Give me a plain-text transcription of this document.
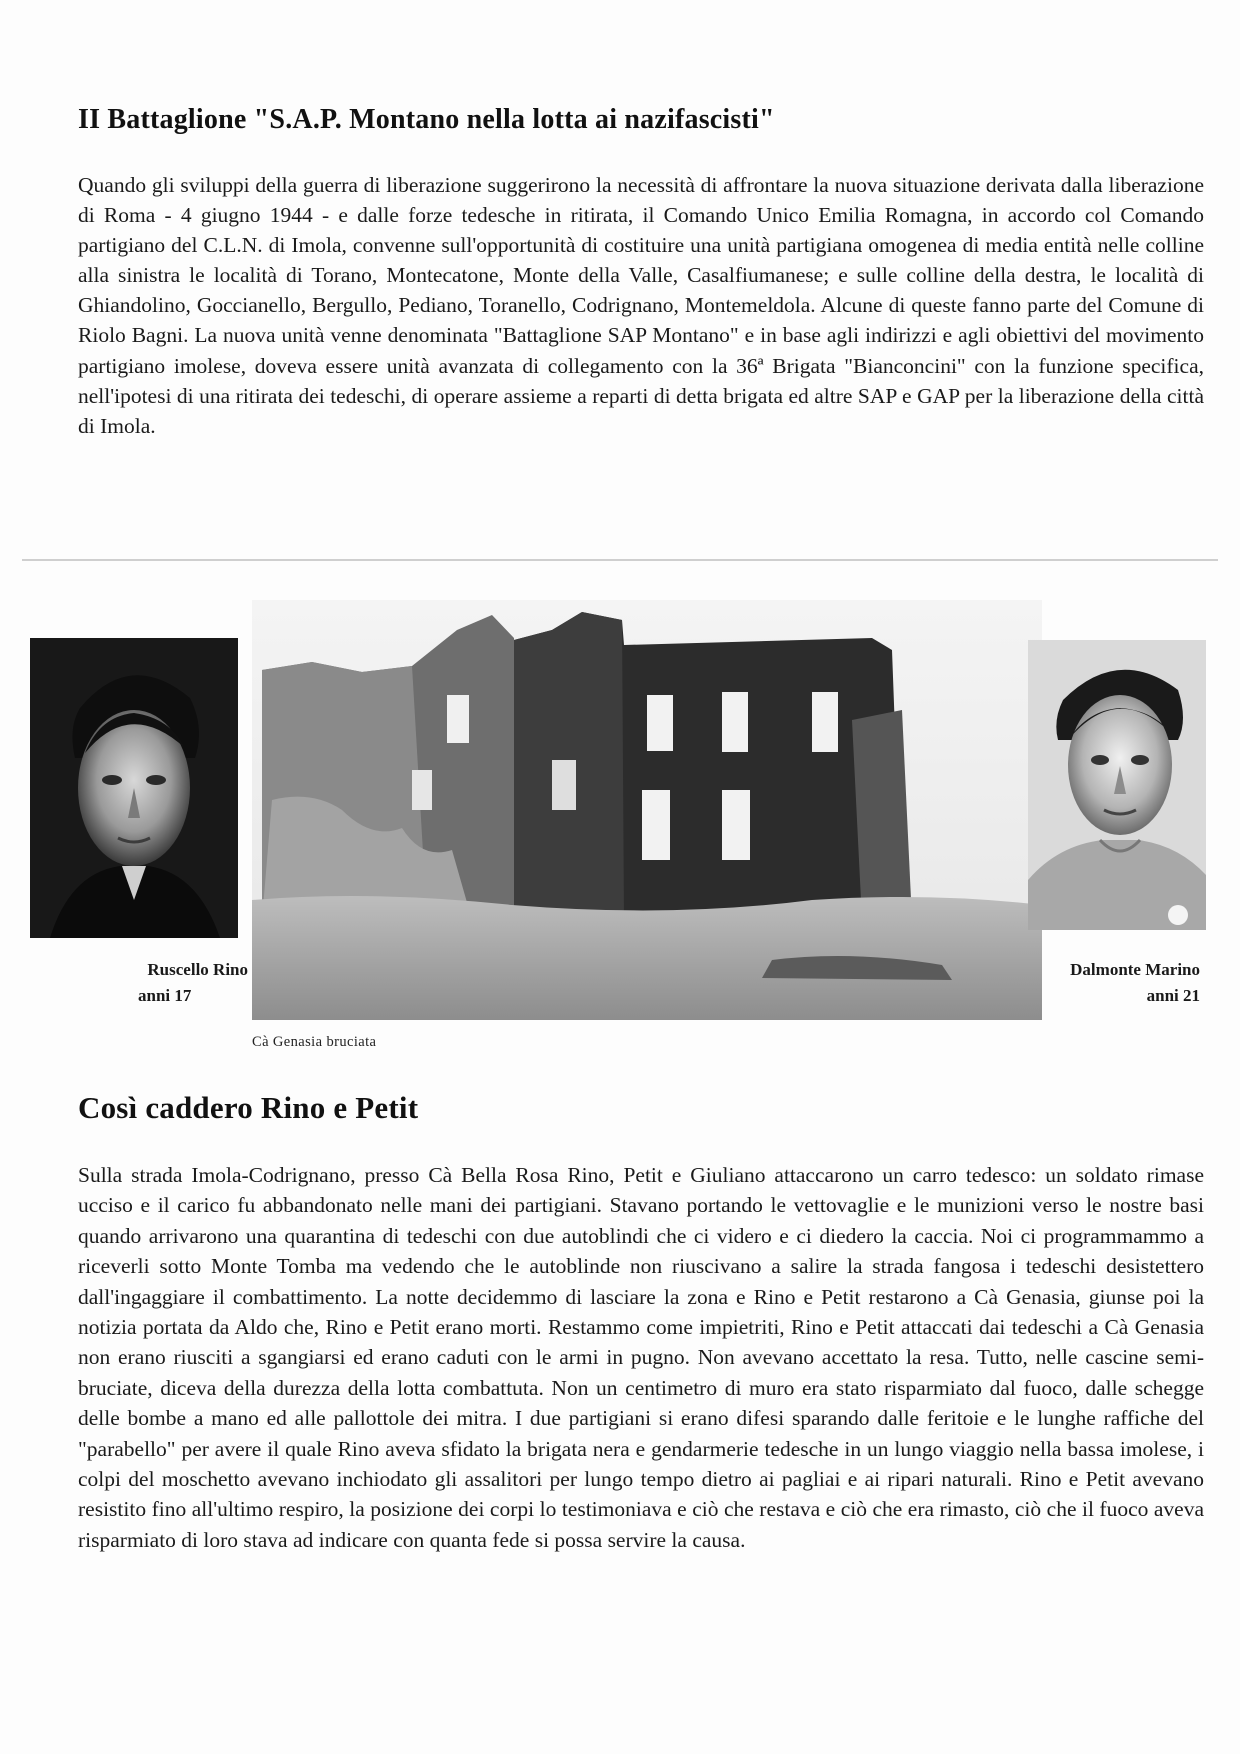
II Battaglione "S.A.P. Montano nella lotta ai nazifascisti"

Quando gli sviluppi della guerra di liberazione suggerirono la necessità di affrontare la nuova situazione derivata dalla liberazione di Roma - 4 giugno 1944 - e dalle forze tedesche in ritirata, il Comando Unico Emilia Romagna, in accordo col Comando partigiano del C.L.N. di Imola, convenne sull'opportunità di costituire una unità partigiana omogenea di media entità nelle colline alla sinistra le località di Torano, Montecatone, Monte della Valle, Casalfiumanese; e sulle colline della destra, le località di Ghiandolino, Goccianello, Bergullo, Pediano, Toranello, Codrignano, Montemeldola. Alcune di queste fanno parte del Comune di Riolo Bagni. La nuova unità venne denominata "Battaglione SAP Montano" e in base agli indirizzi e agli obiettivi del movimento partigiano imolese, doveva essere unità avanzata di collegamento con la 36ª Brigata "Bianconcini" con la funzione specifica, nell'ipotesi di una ritirata dei tedeschi, di operare assieme a reparti di detta brigata ed altre SAP e GAP per la liberazione della città di Imola.

Ruscello Rino
anni 17

Dalmonte Marino
anni 21

Cà Genasia bruciata

Così caddero Rino e Petit

Sulla strada Imola-Codrignano, presso Cà Bella Rosa Rino, Petit e Giuliano attaccarono un carro tedesco: un soldato rimase ucciso e il carico fu abbandonato nelle mani dei partigiani. Stavano portando le vettovaglie e le munizioni verso le nostre basi quando arrivarono una quarantina di tedeschi con due autoblindi che ci videro e ci diedero la caccia. Noi ci programmammo a riceverli sotto Monte Tomba ma vedendo che le autoblinde non riuscivano a salire la strada fangosa i tedeschi desistettero dall'ingaggiare il combattimento. La notte decidemmo di lasciare la zona e Rino e Petit restarono a Cà Genasia, giunse poi la notizia portata da Aldo che, Rino e Petit erano morti. Restammo come impietriti, Rino e Petit attaccati dai tedeschi a Cà Genasia non erano riusciti a sgangiarsi ed erano caduti con le armi in pugno. Non avevano accettato la resa. Tutto, nelle cascine semi-bruciate, diceva della durezza della lotta combattuta. Non un centimetro di muro era stato risparmiato dal fuoco, dalle schegge delle bombe a mano ed alle pallottole dei mitra. I due partigiani si erano difesi sparando dalle feritoie e le lunghe raffiche del "parabello" per avere il quale Rino aveva sfidato la brigata nera e gendarmerie tedesche in un lungo viaggio nella bassa imolese, i colpi del moschetto avevano inchiodato gli assalitori per lungo tempo dietro ai pagliai e ai ripari naturali. Rino e Petit avevano resistito fino all'ultimo respiro, la posizione dei corpi lo testimoniava e ciò che restava e ciò che era rimasto, ciò che il fuoco aveva risparmiato di loro stava ad indicare con quanta fede si possa servire la causa.
